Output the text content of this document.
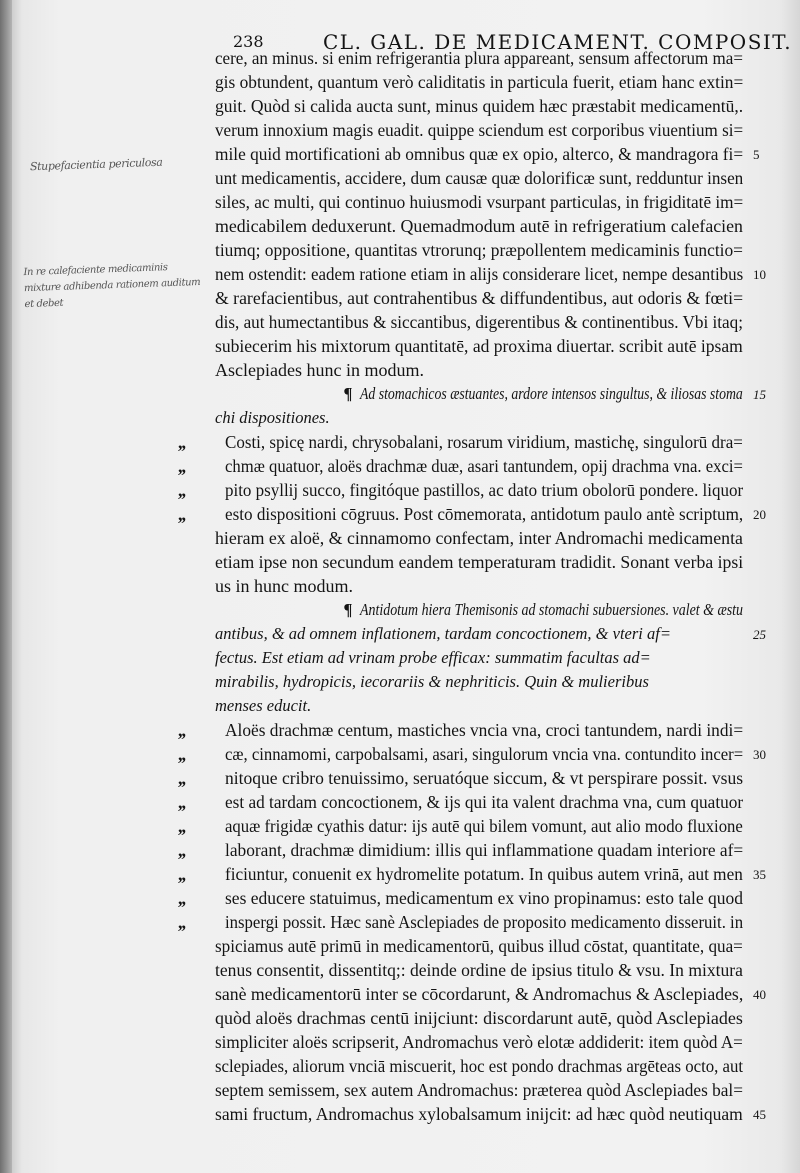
238	CL. GAL. DE MEDICAMENT. COMPOSIT.
Stupefacientia periculosa
In re calefaciente medicaminis mixture adhibenda rationem auditum et debet
cere, an minus. si enim refrigerantia plura appareant, sensum affectorum ma=
gis obtundent, quantum verò caliditatis in particula fuerit, etiam hanc extin=
guit. Quòd si calida aucta sunt, minus quidem hæc præstabit medicamentū,.
verum innoxium magis euadit. quippe sciendum est corporibus viuentium si=
mile quid mortificationi ab omnibus quæ ex opio, alterco, & mandragora fi= 5
unt medicamentis, accidere, dum causæ quæ dolorificæ sunt, redduntur insen
siles, ac multi, qui continuo huiusmodi vsurpant particulas, in frigiditatē im=
medicabilem deduxerunt. Quemadmodum autē in refrigeratium calefacien
tiumq; oppositione, quantitas vtrorunq; præpollentem medicaminis functio=
nem ostendit: eadem ratione etiam in alijs considerare licet, nempe desantibus 10
& rarefacientibus, aut contrahentibus & diffundentibus, aut odoris & fœti=
dis, aut humectantibus & siccantibus, digerentibus & continentibus. Vbi itaq;
subiecerim his mixtorum quantitatē, ad proxima diuertar. scribit autē ipsam
Asclepiades hunc in modum.
¶ Ad stomachicos æstuantes, ardore intensos singultus, & iliosas stoma 15
chi dispositiones.
,, Costi, spicę nardi, chrysobalani, rosarum viridium, mastichę, singulorū dra=
,, chmæ quatuor, aloës drachmæ duæ, asari tantundem, opij drachma vna. exci=
,, pito psyllij succo, fingitóque pastillos, ac dato trium obolorū pondere. liquor
,, esto dispositioni cōgruus. Post cōmemorata, antidotum paulo antè scriptum, 20
hieram ex aloë, & cinnamomo confectam, inter Andromachi medicamenta
etiam ipse non secundum eandem temperaturam tradidit. Sonant verba ipsi
us in hunc modum.
¶ Antidotum hiera Themisonis ad stomachi subuersiones. valet & æstu
antibus, & ad omnem inflationem, tardam concoctionem, & vteri af=	25
fectus. Est etiam ad vrinam probe efficax: summatim facultas ad=
mirabilis, hydropicis, iecorariis & nephriticis. Quin & mulieribus
menses educit.
,, Aloës drachmæ centum, mastiches vncia vna, croci tantundem, nardi indi=
,, cæ, cinnamomi, carpobalsami, asari, singulorum vncia vna. contundito incer= 30
,, nitoque cribro tenuissimo, seruatóque siccum, & vt perspirare possit. vsus
,, est ad tardam concoctionem, & ijs qui ita valent drachma vna, cum quatuor
,, aquæ frigidæ cyathis datur: ijs autē qui bilem vomunt, aut alio modo fluxione
,, laborant, drachmæ dimidium: illis qui inflammatione quadam interiore af=
,, ficiuntur, conuenit ex hydromelite potatum. In quibus autem vrinā, aut men 35
,, ses educere statuimus, medicamentum ex vino propinamus: esto tale quod
,, inspergi possit. Hæc sanè Asclepiades de proposito medicamento disseruit. in
spiciamus autē primū in medicamentorū, quibus illud cōstat, quantitate, qua=
tenus consentit, dissentitq;: deinde ordine de ipsius titulo & vsu. In mixtura
sanè medicamentorū inter se cōcordarunt, & Andromachus & Asclepiades, 40
quòd aloës drachmas centū inijciunt: discordarunt autē, quòd Asclepiades
simpliciter aloës scripserit, Andromachus verò elotæ addiderit: item quòd A=
sclepiades, aliorum vnciā miscuerit, hoc est pondo drachmas argēteas octo, aut
septem semissem, sex autem Andromachus: præterea quòd Asclepiades bal=
sami fructum, Andromachus xylobalsamum inijcit: ad hæc quòd neutiquam 45
